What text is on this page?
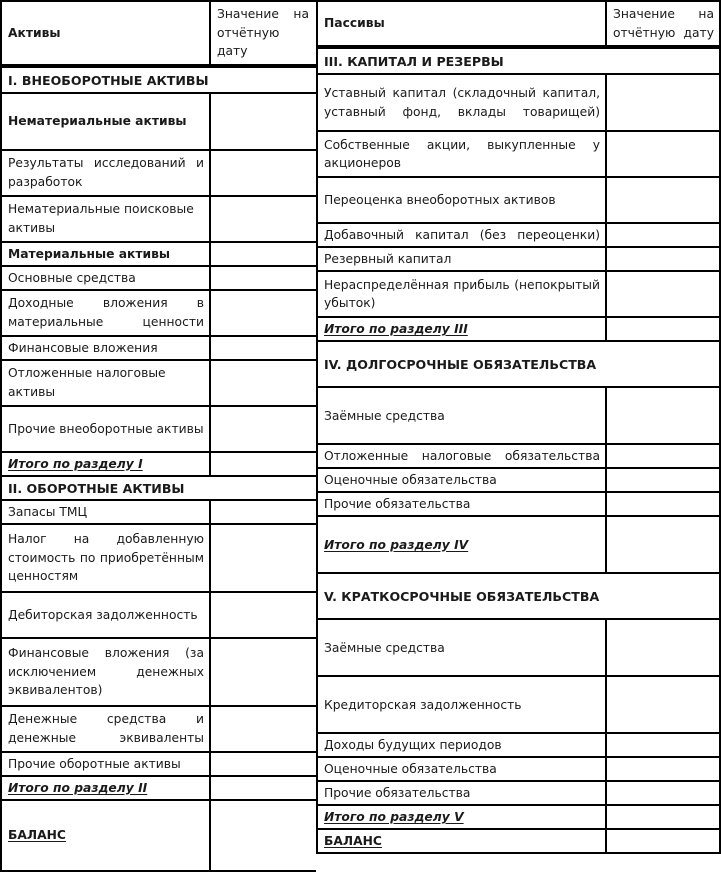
Активы
Значение на отчётную дату
I. ВНЕОБОРОТНЫЕ АКТИВЫ
Нематериальные активы
Результаты исследований и разработок
Нематериальные поисковые активы
Материальные активы
Основные средства
Доходные вложения в материальные ценности
Финансовые вложения
Отложенные налоговые активы
Прочие внеоборотные активы
Итого по разделу I
II. ОБОРОТНЫЕ АКТИВЫ
Запасы ТМЦ
Налог на добавленную стоимость по приобретённым ценностям
Дебиторская задолженность
Финансовые вложения (за исключением денежных эквивалентов)
Денежные средства и денежные эквиваленты
Прочие оборотные активы
Итого по разделу II
БАЛАНС
Пассивы
Значение на отчётную дату
III. КАПИТАЛ И РЕЗЕРВЫ
Уставный капитал (складочный капитал, уставный фонд, вклады товарищей)
Собственные акции, выкупленные у акционеров
Переоценка внеоборотных активов
Добавочный капитал (без переоценки)
Резервный капитал
Нераспределённая прибыль (непокрытый убыток)
Итого по разделу III
IV. ДОЛГОСРОЧНЫЕ ОБЯЗАТЕЛЬСТВА
Заёмные средства
Отложенные налоговые обязательства
Оценочные обязательства
Прочие обязательства
Итого по разделу IV
V. КРАТКОСРОЧНЫЕ ОБЯЗАТЕЛЬСТВА
Заёмные средства
Кредиторская задолженность
Доходы будущих периодов
Оценочные обязательства
Прочие обязательства
Итого по разделу V
БАЛАНС
